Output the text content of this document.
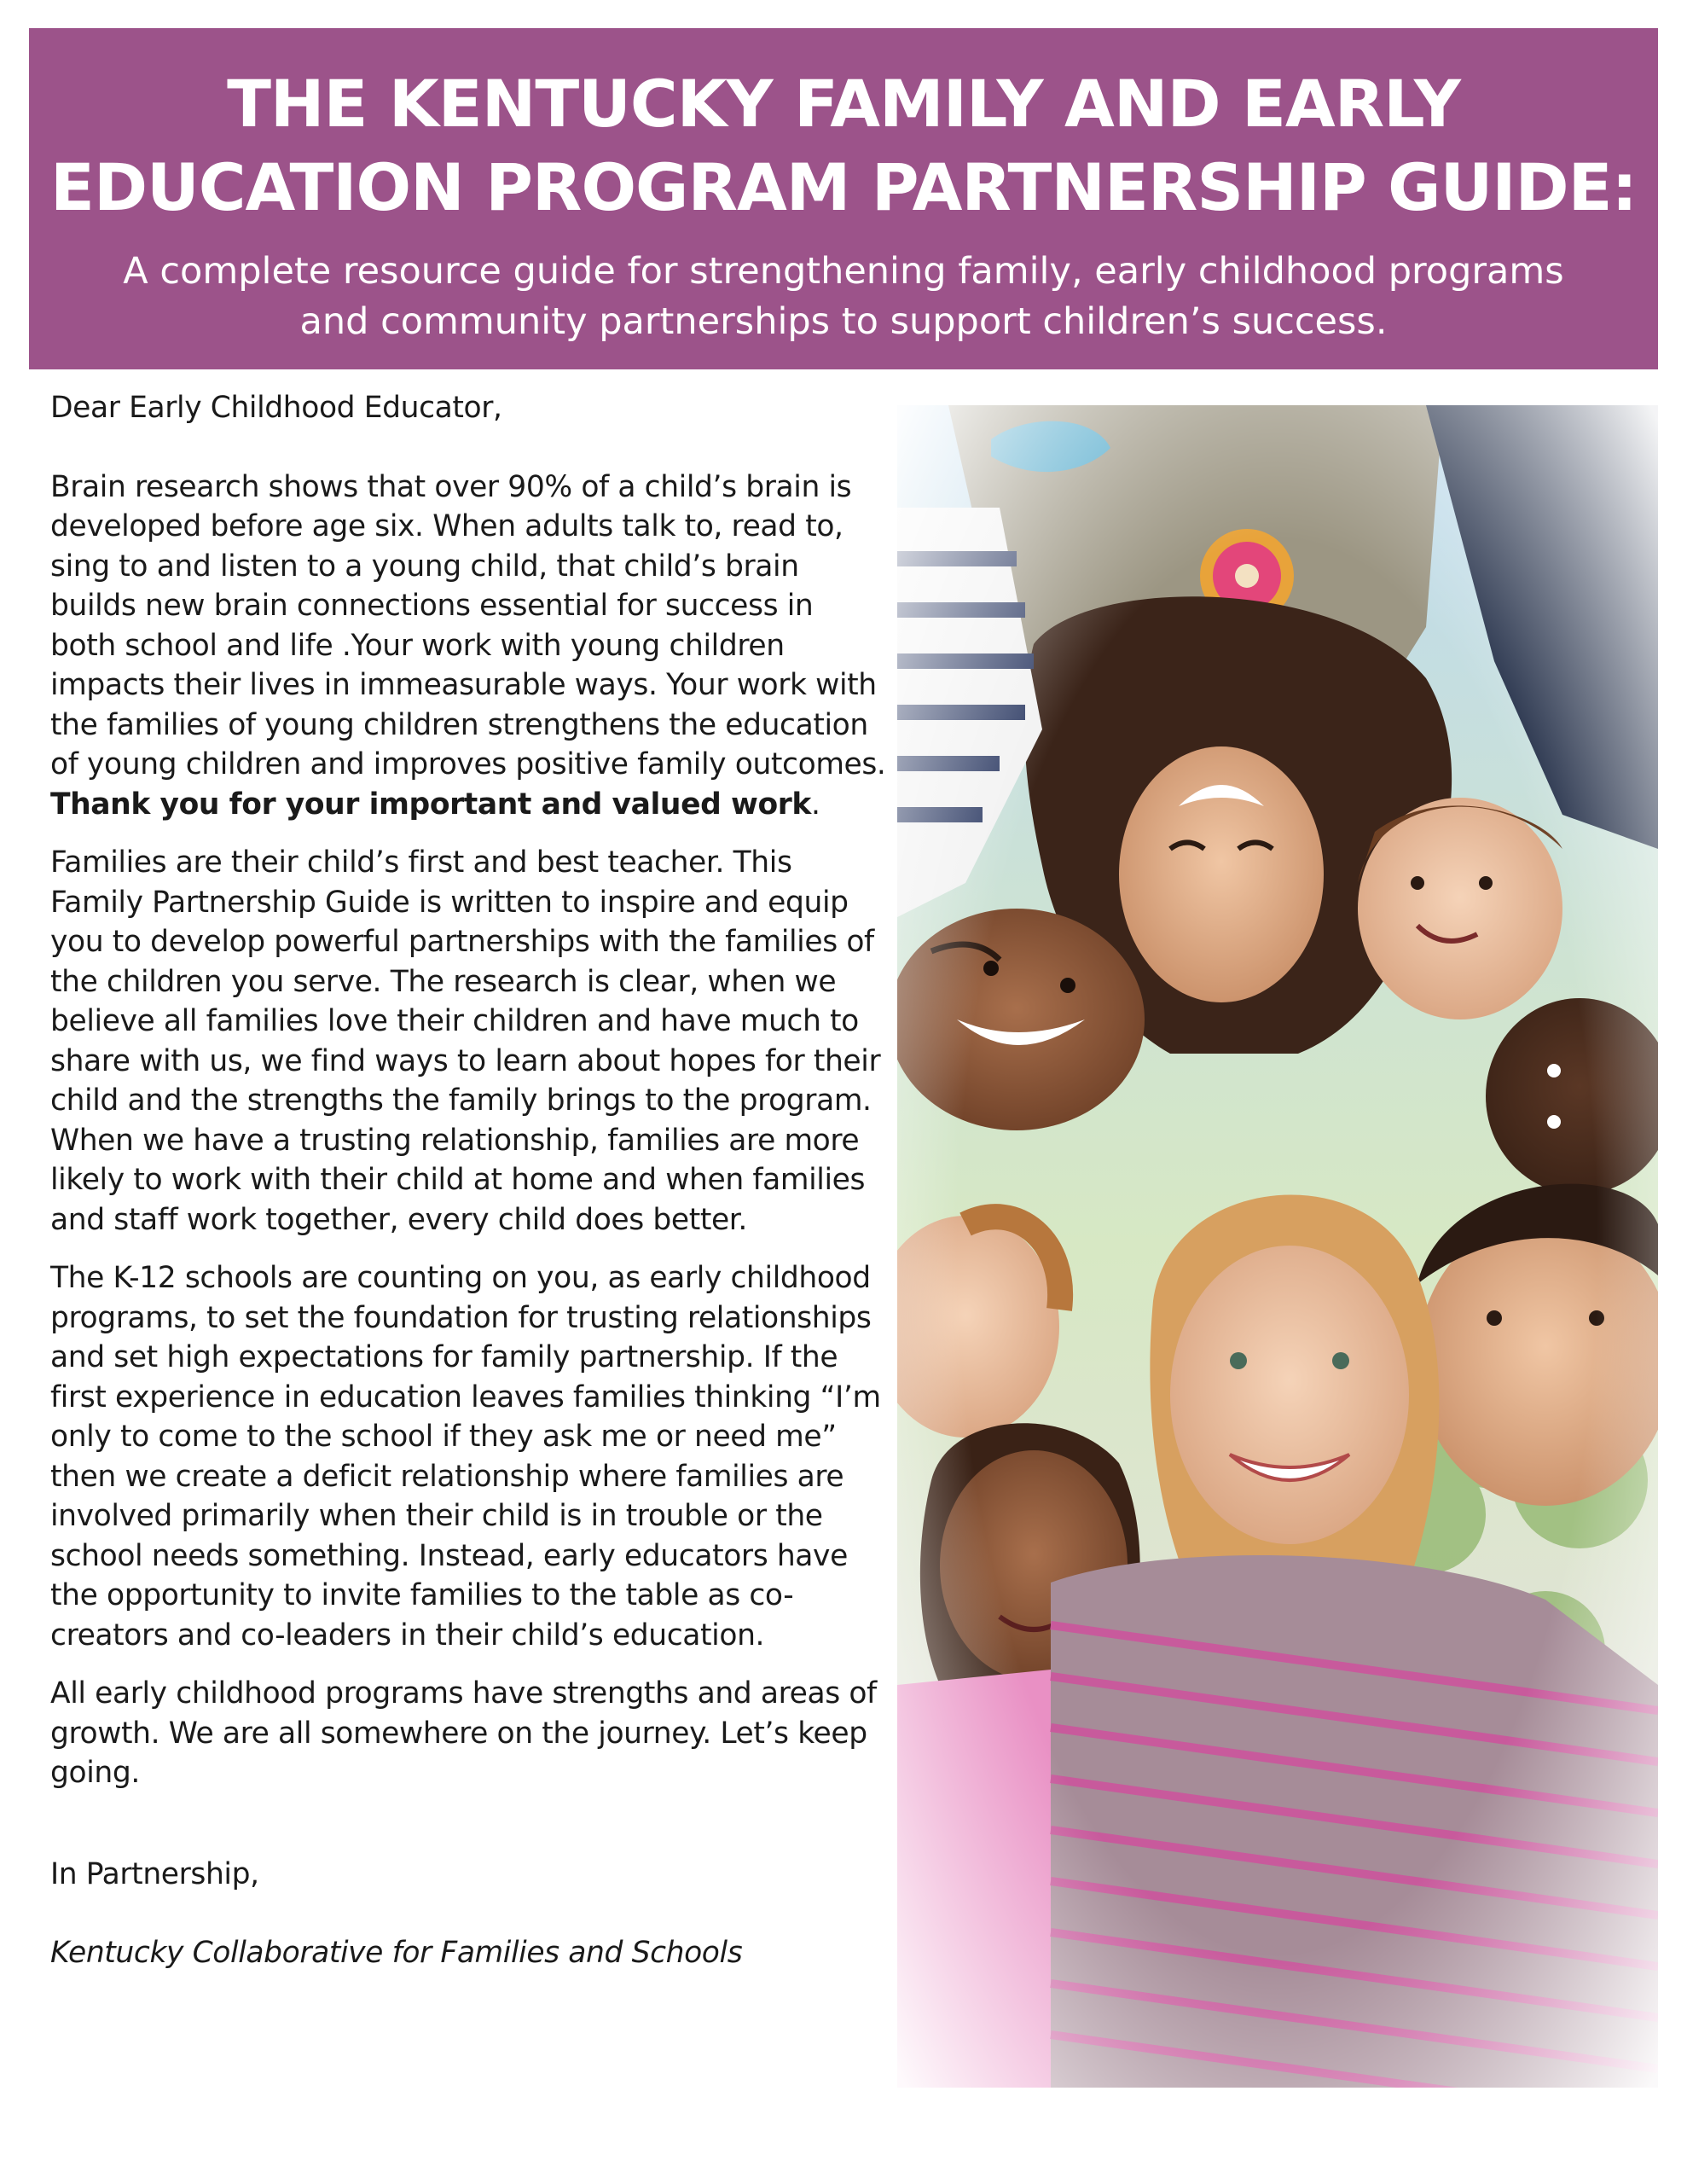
THE KENTUCKY FAMILY AND EARLY
EDUCATION PROGRAM PARTNERSHIP GUIDE:

A complete resource guide for strengthening family, early childhood programs and community partnerships to support children’s success.

Dear Early Childhood Educator,

Brain research shows that over 90% of a child’s brain is developed before age six. When adults talk to, read to, sing to and listen to a young child, that child’s brain builds new brain connections essential for success in both school and life .Your work with young children impacts their lives in immeasurable ways. Your work with the families of young children strengthens the education of young children and improves positive family outcomes. Thank you for your important and valued work.

Families are their child’s first and best teacher. This Family Partnership Guide is written to inspire and equip you to develop powerful partnerships with the families of the children you serve. The research is clear, when we believe all families love their children and have much to share with us, we find ways to learn about hopes for their child and the strengths the family brings to the program. When we have a trusting relationship, families are more likely to work with their child at home and when families and staff work together, every child does better.

The K-12 schools are counting on you, as early childhood programs, to set the foundation for trusting relationships and set high expectations for family partnership. If the first experience in education leaves families thinking “I’m only to come to the school if they ask me or need me” then we create a deficit relationship where families are involved primarily when their child is in trouble or the school needs something. Instead, early educators have the opportunity to invite families to the table as co-creators and co-leaders in their child’s education.

All early childhood programs have strengths and areas of growth. We are all somewhere on the journey. Let’s keep going.

In Partnership,

Kentucky Collaborative for Families and Schools
